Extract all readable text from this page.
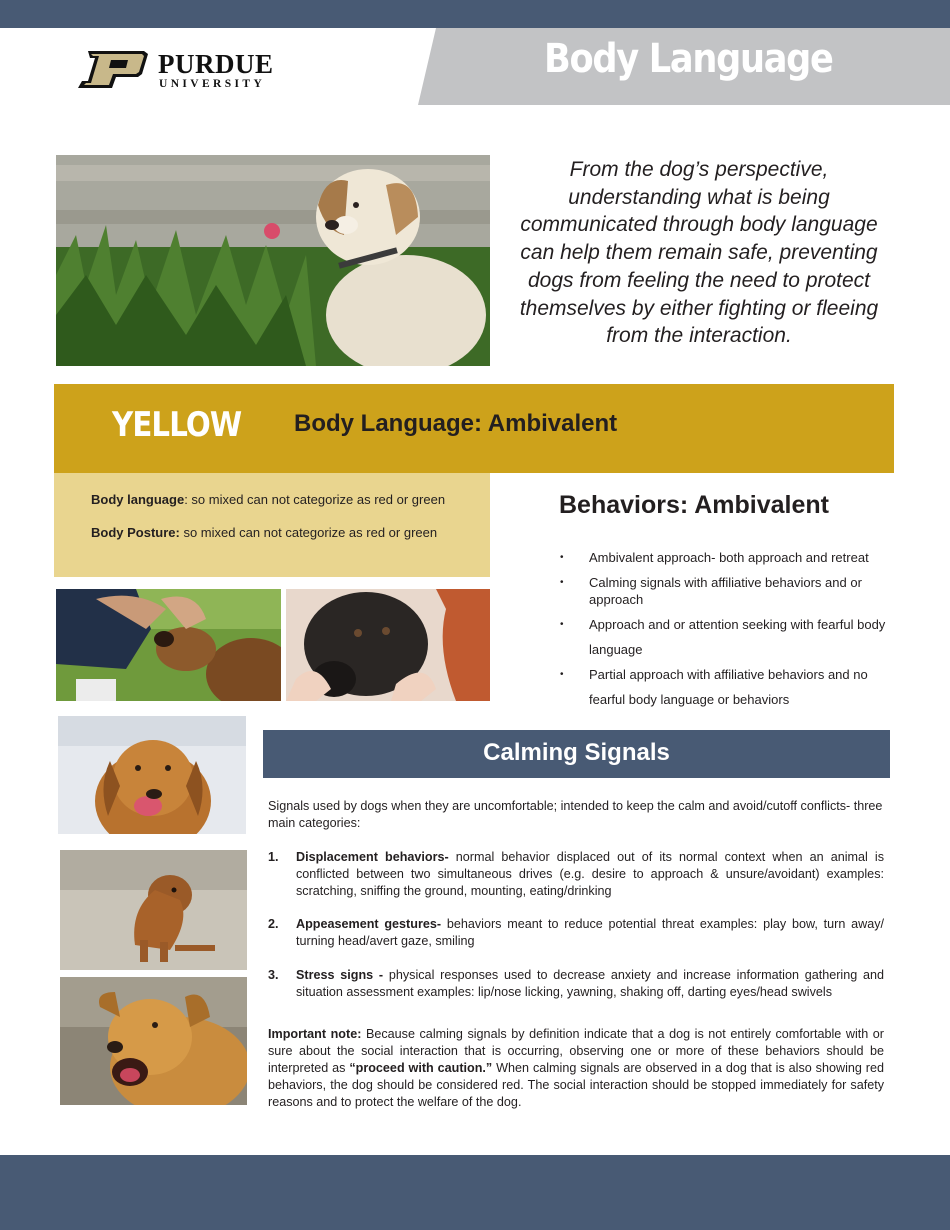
PURDUE
UNIVERSITY
Body Language
From the dog’s perspective, understanding what is being communicated through body language can help them remain safe, preventing dogs from feeling the need to protect themselves by either fighting or fleeing from the interaction.
YELLOW Body Language: Ambivalent
Body language: so mixed can not categorize as red or green
Body Posture: so mixed can not categorize as red or green
Behaviors: Ambivalent
• Ambivalent approach- both approach and retreat
• Calming signals with affiliative behaviors and or approach
• Approach and or attention seeking with fearful body language
• Partial approach with affiliative behaviors and no fearful body language or behaviors
Calming Signals
Signals used by dogs when they are uncomfortable; intended to keep the calm and avoid/cutoff conflicts- three main categories:
1. Displacement behaviors- normal behavior displaced out of its normal context when an animal is conflicted between two simultaneous drives (e.g. desire to approach & unsure/avoidant) examples: scratching, sniffing the ground, mounting, eating/drinking
2. Appeasement gestures- behaviors meant to reduce potential threat examples: play bow, turn away/ turning head/avert gaze, smiling
3. Stress signs - physical responses used to decrease anxiety and increase information gathering and situation assessment examples: lip/nose licking, yawning, shaking off, darting eyes/head swivels
Important note: Because calming signals by definition indicate that a dog is not entirely comfortable with or sure about the social interaction that is occurring, observing one or more of these behaviors should be interpreted as “proceed with caution.” When calming signals are observed in a dog that is also showing red behaviors, the dog should be considered red. The social interaction should be stopped immediately for safety reasons and to protect the welfare of the dog.
